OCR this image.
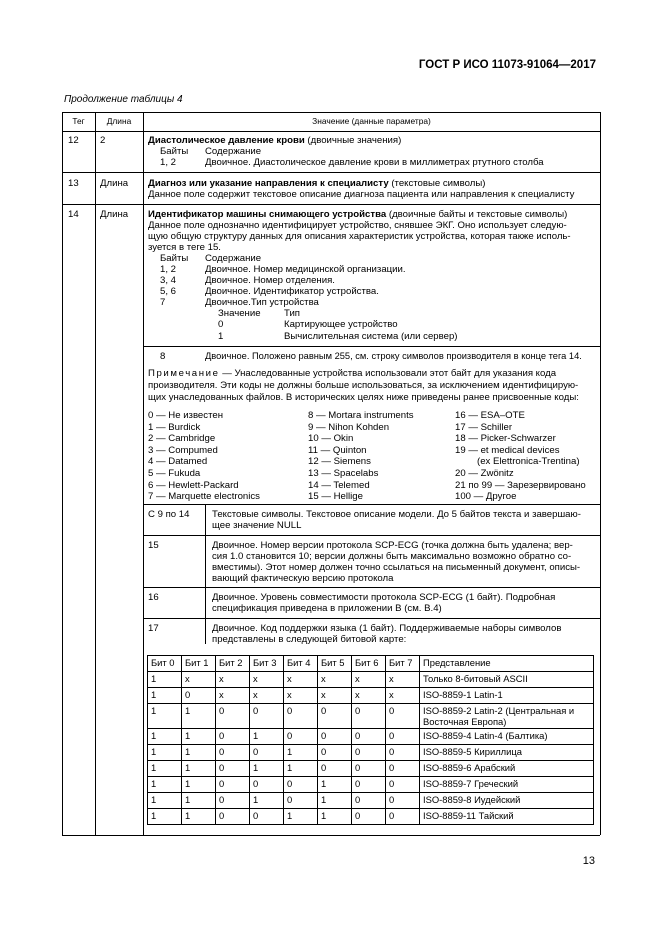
ГОСТ Р ИСО 11073-91064—2017
Продолжение таблицы 4
Тег	Длина	Значение (данные параметра)
12 2	Диастолическое давление крови (двоичные значения)
Байты Содержание
1, 2	Двоичное. Диастолическое давление крови в миллиметрах ртутного столба
13 Длина Диагноз или указание направления к специалисту (текстовые символы)
Данное поле содержит текстовое описание диагноза пациента или направления к специалисту
14 Длина Идентификатор машины снимающего устройства (двоичные байты и текстовые символы)
Данное поле однозначно идентифицирует устройство, снявшее ЭКГ. Оно использует следую-
щую общую структуру данных для описания характеристик устройства, которая также исполь-
зуется в теге 15.
Байты Содержание
1, 2	Двоичное. Номер медицинской организации.
3, 4	Двоичное. Номер отделения.
5, 6	Двоичное. Идентификатор устройства.
7	Двоичное.Тип устройства
Значение Тип
0	Картирующее устройство
1	Вычислительная система (или сервер)
8	Двоичное. Положено равным 255, см. строку символов производителя в конце тега 14.
Примечание — Унаследованные устройства использовали этот байт для указания кода
производителя. Эти коды не должны больше использоваться, за исключением идентифицирую-
щих унаследованных файлов. В исторических целях ниже приведены ранее присвоенные коды:
0 — Не известен
1 — Burdick
2 — Cambridge
3 — Compumed
4 — Datamed
5 — Fukuda
6 — Hewlett-Packard
7 — Marquette electronics
8 — Mortara instruments
9 — Nihon Kohden
10 — Okin
11 — Quinton
12 — Siemens
13 — Spacelabs
14 — Telemed
15 — Hellige
16 — ESA–OTE
17 — Schiller
18 — Picker-Schwarzer
19 — et medical devices
(ex Elettronica-Trentina)
20 — Zwönitz
21 по 99 — Зарезервировано
100 — Другое
С 9 по 14 Текстовые символы. Текстовое описание модели. До 5 байтов текста и завершаю-
щее значение NULL
15	Двоичное. Номер версии протокола SCP-ECG (точка должна быть удалена; вер-
сия 1.0 становится 10; версии должны быть максимально возможно обратно со-
вместимы). Этот номер должен точно ссылаться на письменный документ, описы-
вающий фактическую версию протокола
16	Двоичное. Уровень совместимости протокола SCP-ECG (1 байт). Подробная
спецификация приведена в приложении В (см. В.4)
17	Двоичное. Код поддержки языка (1 байт). Поддерживаемые наборы символов
представлены в следующей битовой карте:
Бит 0	Бит 1	Бит 2	Бит 3	Бит 4	Бит 5	Бит 6	Бит 7	Представление
1	x	x	x	x	x	x	x	Только 8-битовый ASCII
1	0	x	x	x	x	x	x	ISO-8859-1 Latin-1
1	1	0	0	0	0	0	0	ISO-8859-2 Latin-2 (Центральная и Восточная Европа)
1	1	0	1	0	0	0	0	ISO-8859-4 Latin-4 (Балтика)
1	1	0	0	1	0	0	0	ISO-8859-5 Кириллица
1	1	0	1	1	0	0	0	ISO-8859-6 Арабский
1	1	0	0	0	1	0	0	ISO-8859-7 Греческий
1	1	0	1	0	1	0	0	ISO-8859-8 Иудейский
1	1	0	0	1	1	0	0	ISO-8859-11 Тайский
13
